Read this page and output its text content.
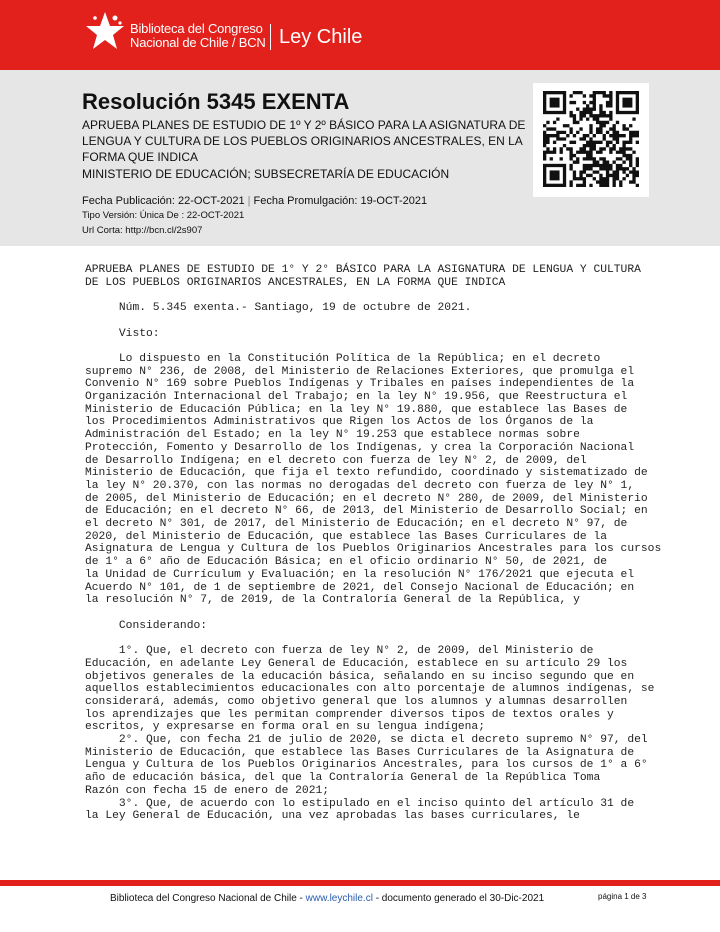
Biblioteca del Congreso
Nacional de Chile / BCN Ley Chile
Resolución 5345 EXENTA
APRUEBA PLANES DE ESTUDIO DE 1º Y 2º BÁSICO PARA LA ASIGNATURA DE LENGUA Y CULTURA DE LOS PUEBLOS ORIGINARIOS ANCESTRALES, EN LA FORMA QUE INDICA
MINISTERIO DE EDUCACIÓN; SUBSECRETARÍA DE EDUCACIÓN
Fecha Publicación: 22-OCT-2021 | Fecha Promulgación: 19-OCT-2021
Tipo Versión: Única De : 22-OCT-2021
Url Corta: http://bcn.cl/2s907
APRUEBA PLANES DE ESTUDIO DE 1° Y 2° BÁSICO PARA LA ASIGNATURA DE LENGUA Y CULTURA
DE LOS PUEBLOS ORIGINARIOS ANCESTRALES, EN LA FORMA QUE INDICA

Núm. 5.345 exenta.- Santiago, 19 de octubre de 2021.

Visto:

Lo dispuesto en la Constitución Política de la República; en el decreto
supremo N° 236, de 2008, del Ministerio de Relaciones Exteriores, que promulga el
Convenio N° 169 sobre Pueblos Indígenas y Tribales en países independientes de la
Organización Internacional del Trabajo; en la ley N° 19.956, que Reestructura el
Ministerio de Educación Pública; en la ley N° 19.880, que establece las Bases de
los Procedimientos Administrativos que Rigen los Actos de los Órganos de la
Administración del Estado; en la ley N° 19.253 que establece normas sobre
Protección, Fomento y Desarrollo de los Indígenas, y crea la Corporación Nacional
de Desarrollo Indígena; en el decreto con fuerza de ley N° 2, de 2009, del
Ministerio de Educación, que fija el texto refundido, coordinado y sistematizado de
la ley N° 20.370, con las normas no derogadas del decreto con fuerza de ley N° 1,
de 2005, del Ministerio de Educación; en el decreto N° 280, de 2009, del Ministerio
de Educación; en el decreto N° 66, de 2013, del Ministerio de Desarrollo Social; en
el decreto N° 301, de 2017, del Ministerio de Educación; en el decreto N° 97, de
2020, del Ministerio de Educación, que establece las Bases Curriculares de la
Asignatura de Lengua y Cultura de los Pueblos Originarios Ancestrales para los cursos
de 1° a 6° año de Educación Básica; en el oficio ordinario N° 50, de 2021, de
la Unidad de Currículum y Evaluación; en la resolución N° 176/2021 que ejecuta el
Acuerdo N° 101, de 1 de septiembre de 2021, del Consejo Nacional de Educación; en
la resolución N° 7, de 2019, de la Contraloría General de la República, y

Considerando:

1°. Que, el decreto con fuerza de ley N° 2, de 2009, del Ministerio de
Educación, en adelante Ley General de Educación, establece en su artículo 29 los
objetivos generales de la educación básica, señalando en su inciso segundo que en
aquellos establecimientos educacionales con alto porcentaje de alumnos indígenas, se
considerará, además, como objetivo general que los alumnos y alumnas desarrollen
los aprendizajes que les permitan comprender diversos tipos de textos orales y
escritos, y expresarse en forma oral en su lengua indígena;
2°. Que, con fecha 21 de julio de 2020, se dicta el decreto supremo N° 97, del
Ministerio de Educación, que establece las Bases Curriculares de la Asignatura de
Lengua y Cultura de los Pueblos Originarios Ancestrales, para los cursos de 1° a 6°
año de educación básica, del que la Contraloría General de la República Toma
Razón con fecha 15 de enero de 2021;
3°. Que, de acuerdo con lo estipulado en el inciso quinto del artículo 31 de
la Ley General de Educación, una vez aprobadas las bases curriculares, le
Biblioteca del Congreso Nacional de Chile - www.leychile.cl - documento generado el 30-Dic-2021	página 1 de 3
